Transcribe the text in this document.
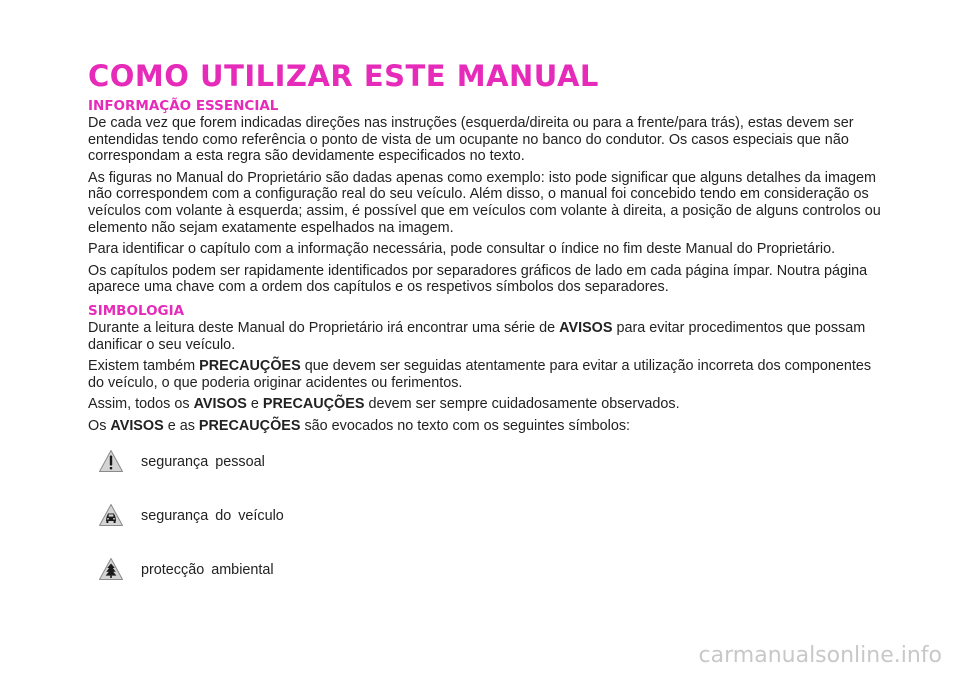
COMO UTILIZAR ESTE MANUAL
INFORMAÇÃO ESSENCIAL

De cada vez que forem indicadas direções nas instruções (esquerda/direita ou para a frente/para trás), estas devem ser entendidas tendo como referência o ponto de vista de um ocupante no banco do condutor. Os casos especiais que não correspondam a esta regra são devidamente especificados no texto.

As figuras no Manual do Proprietário são dadas apenas como exemplo: isto pode significar que alguns detalhes da imagem não correspondem com a configuração real do seu veículo. Além disso, o manual foi concebido tendo em consideração os veículos com volante à esquerda; assim, é possível que em veículos com volante à direita, a posição de alguns controlos ou elemento não sejam exatamente espelhados na imagem.

Para identificar o capítulo com a informação necessária, pode consultar o índice no fim deste Manual do Proprietário.

Os capítulos podem ser rapidamente identificados por separadores gráficos de lado em cada página ímpar. Noutra página aparece uma chave com a ordem dos capítulos e os respetivos símbolos dos separadores.

SIMBOLOGIA

Durante a leitura deste Manual do Proprietário irá encontrar uma série de AVISOS para evitar procedimentos que possam danificar o seu veículo.

Existem também PRECAUÇÕES que devem ser seguidas atentamente para evitar a utilização incorreta dos componentes do veículo, o que poderia originar acidentes ou ferimentos.

Assim, todos os AVISOS e PRECAUÇÕES devem ser sempre cuidadosamente observados.

Os AVISOS e as PRECAUÇÕES são evocados no texto com os seguintes símbolos:

segurança pessoal
segurança do veículo
protecção ambiental
carmanualsonline.info
